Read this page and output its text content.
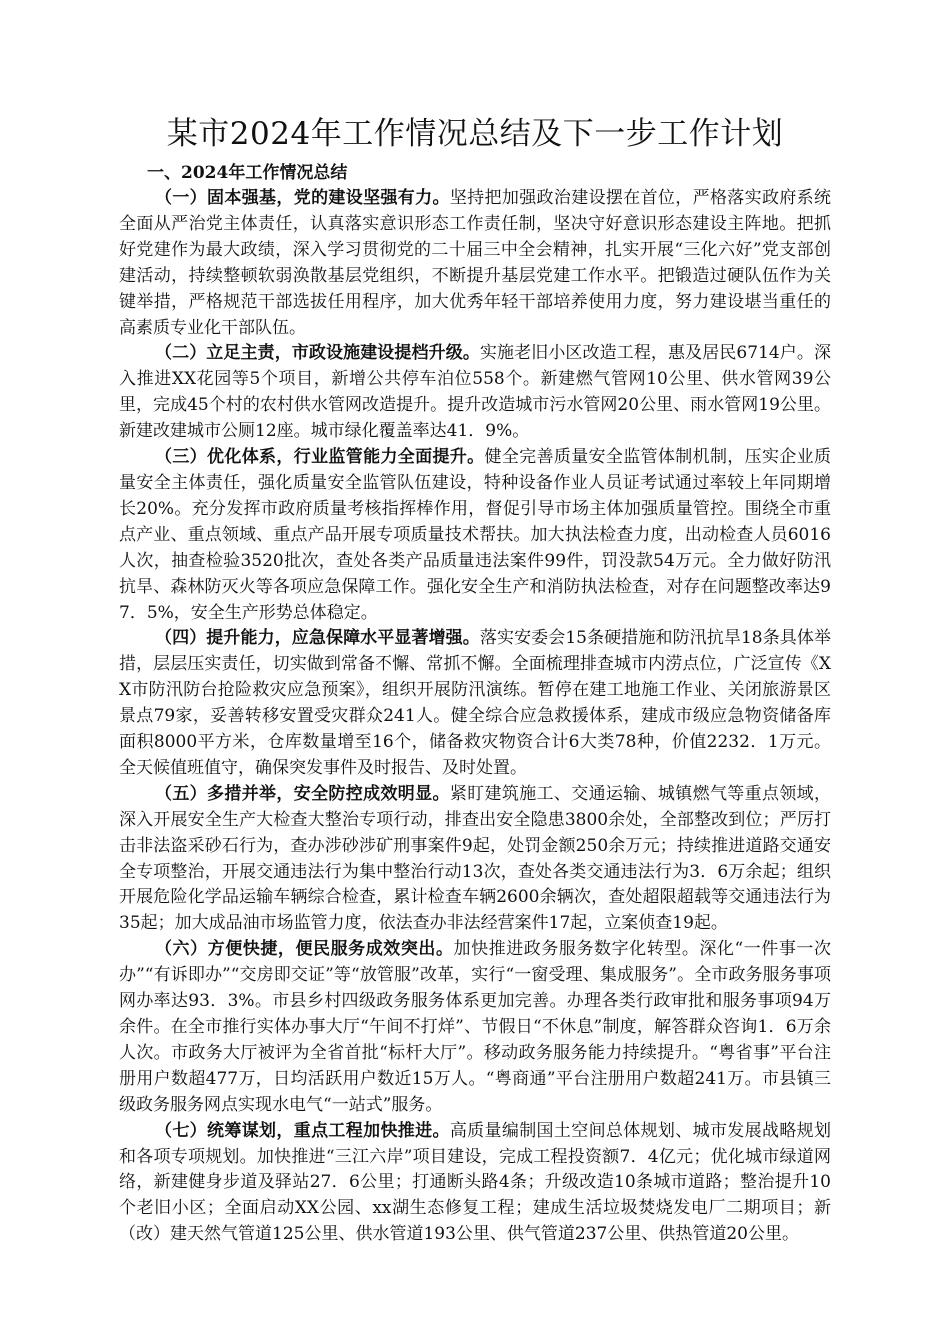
某市2024年工作情况总结及下一步工作计划

一、2024年工作情况总结

（一）固本强基，党的建设坚强有力。坚持把加强政治建设摆在首位，严格落实政府系统全面从严治党主体责任，认真落实意识形态工作责任制，坚决守好意识形态建设主阵地。把抓好党建作为最大政绩，深入学习贯彻党的二十届三中全会精神，扎实开展“三化六好”党支部创建活动，持续整顿软弱涣散基层党组织，不断提升基层党建工作水平。把锻造过硬队伍作为关键举措，严格规范干部选拔任用程序，加大优秀年轻干部培养使用力度，努力建设堪当重任的高素质专业化干部队伍。

（二）立足主责，市政设施建设提档升级。实施老旧小区改造工程，惠及居民6714户。深入推进XX花园等5个项目，新增公共停车泊位558个。新建燃气管网10公里、供水管网39公里，完成45个村的农村供水管网改造提升。提升改造城市污水管网20公里、雨水管网19公里。新建改建城市公厕12座。城市绿化覆盖率达41．9%。

（三）优化体系，行业监管能力全面提升。健全完善质量安全监管体制机制，压实企业质量安全主体责任，强化质量安全监管队伍建设，特种设备作业人员证考试通过率较上年同期增长20%。充分发挥市政府质量考核指挥棒作用，督促引导市场主体加强质量管控。围绕全市重点产业、重点领域、重点产品开展专项质量技术帮扶。加大执法检查力度，出动检查人员6016人次，抽查检验3520批次，查处各类产品质量违法案件99件，罚没款54万元。全力做好防汛抗旱、森林防灭火等各项应急保障工作。强化安全生产和消防执法检查，对存在问题整改率达97．5%，安全生产形势总体稳定。

（四）提升能力，应急保障水平显著增强。落实安委会15条硬措施和防汛抗旱18条具体举措，层层压实责任，切实做到常备不懈、常抓不懈。全面梳理排查城市内涝点位，广泛宣传《XX市防汛防台抢险救灾应急预案》，组织开展防汛演练。暂停在建工地施工作业、关闭旅游景区景点79家，妥善转移安置受灾群众241人。健全综合应急救援体系，建成市级应急物资储备库面积8000平方米，仓库数量增至16个，储备救灾物资合计6大类78种，价值2232．1万元。全天候值班值守，确保突发事件及时报告、及时处置。

（五）多措并举，安全防控成效明显。紧盯建筑施工、交通运输、城镇燃气等重点领域，深入开展安全生产大检查大整治专项行动，排查出安全隐患3800余处，全部整改到位；严厉打击非法盗采砂石行为，查办涉砂涉矿刑事案件9起，处罚金额250余万元；持续推进道路交通安全专项整治，开展交通违法行为集中整治行动13次，查处各类交通违法行为3．6万余起；组织开展危险化学品运输车辆综合检查，累计检查车辆2600余辆次，查处超限超载等交通违法行为35起；加大成品油市场监管力度，依法查办非法经营案件17起，立案侦查19起。

（六）方便快捷，便民服务成效突出。加快推进政务服务数字化转型。深化“一件事一次办”“有诉即办”“交房即交证”等“放管服”改革，实行“一窗受理、集成服务”。全市政务服务事项网办率达93．3%。市县乡村四级政务服务体系更加完善。办理各类行政审批和服务事项94万余件。在全市推行实体办事大厅“午间不打烊”、节假日“不休息”制度，解答群众咨询1．6万余人次。市政务大厅被评为全省首批“标杆大厅”。移动政务服务能力持续提升。“粤省事”平台注册用户数超477万，日均活跃用户数近15万人。“粤商通”平台注册用户数超241万。市县镇三级政务服务网点实现水电气“一站式”服务。

（七）统筹谋划，重点工程加快推进。高质量编制国土空间总体规划、城市发展战略规划和各项专项规划。加快推进“三江六岸”项目建设，完成工程投资额7．4亿元；优化城市绿道网络，新建健身步道及驿站27．6公里；打通断头路4条；升级改造10条城市道路；整治提升10个老旧小区；全面启动XX公园、xx湖生态修复工程；建成生活垃圾焚烧发电厂二期项目；新（改）建天然气管道125公里、供水管道193公里、供气管道237公里、供热管道20公里。
